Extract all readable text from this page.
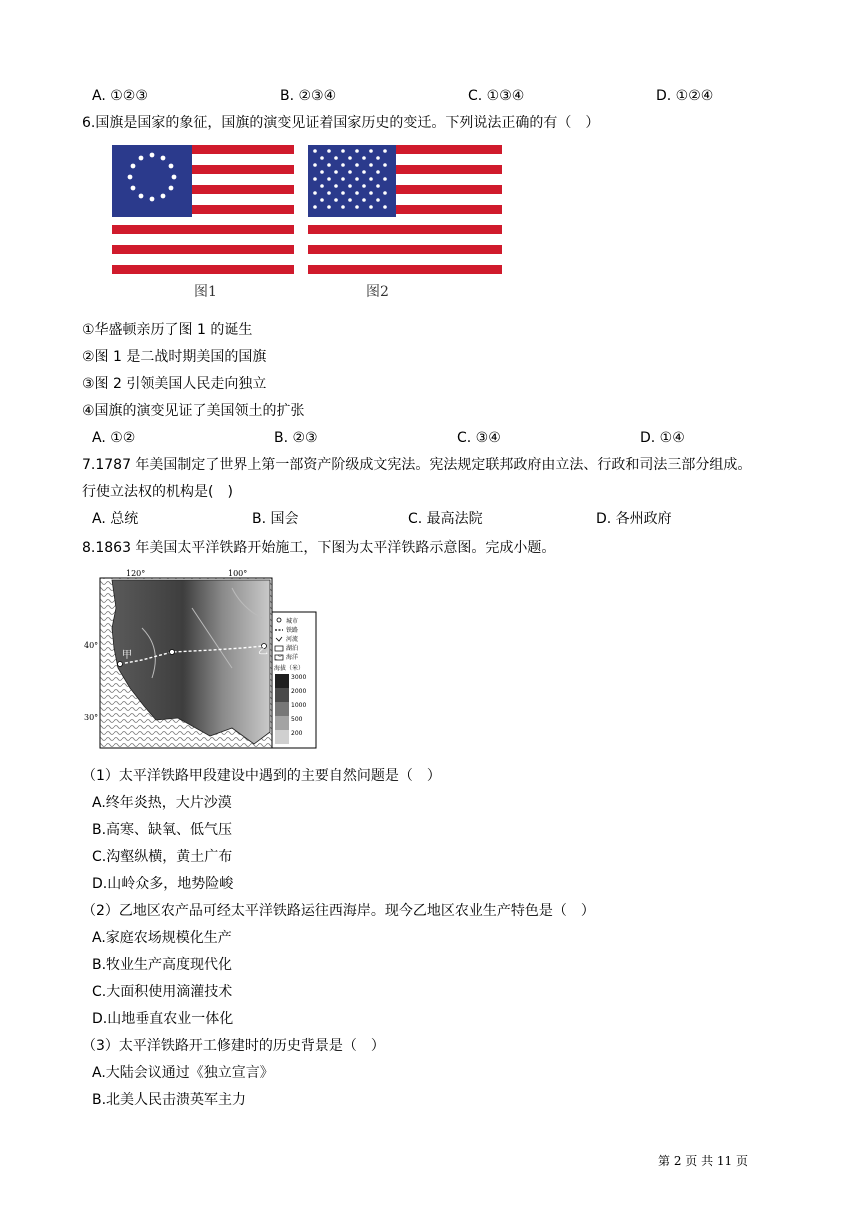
A. ①②③	B. ②③④	C. ①③④	D. ①②④
6.国旗是国家的象征，国旗的演变见证着国家历史的变迁。下列说法正确的有（　）
图1	图2
①华盛顿亲历了图 1 的诞生
②图 1 是二战时期美国的国旗
③图 2 引领美国人民走向独立
④国旗的演变见证了美国领土的扩张
A. ①②	B. ②③	C. ③④	D. ①④
7.1787 年美国制定了世界上第一部资产阶级成文宪法。宪法规定联邦政府由立法、行政和司法三部分组成。
行使立法权的机构是(　)
A. 总统	B. 国会	C. 最高法院	D. 各州政府
8.1863 年美国太平洋铁路开始施工，下图为太平洋铁路示意图。完成小题。
120°	100°
40°
30°
甲	乙
城市
铁路
河流
湖泊
海洋
海拔（米）
3000
2000
1000
500
200
（1）太平洋铁路甲段建设中遇到的主要自然问题是（　）
A.终年炎热，大片沙漠
B.高寒、缺氧、低气压
C.沟壑纵横，黄土广布
D.山岭众多，地势险峻
（2）乙地区农产品可经太平洋铁路运往西海岸。现今乙地区农业生产特色是（　）
A.家庭农场规模化生产
B.牧业生产高度现代化
C.大面积使用滴灌技术
D.山地垂直农业一体化
（3）太平洋铁路开工修建时的历史背景是（　）
A.大陆会议通过《独立宣言》
B.北美人民击溃英军主力
第 2 页 共 11 页
